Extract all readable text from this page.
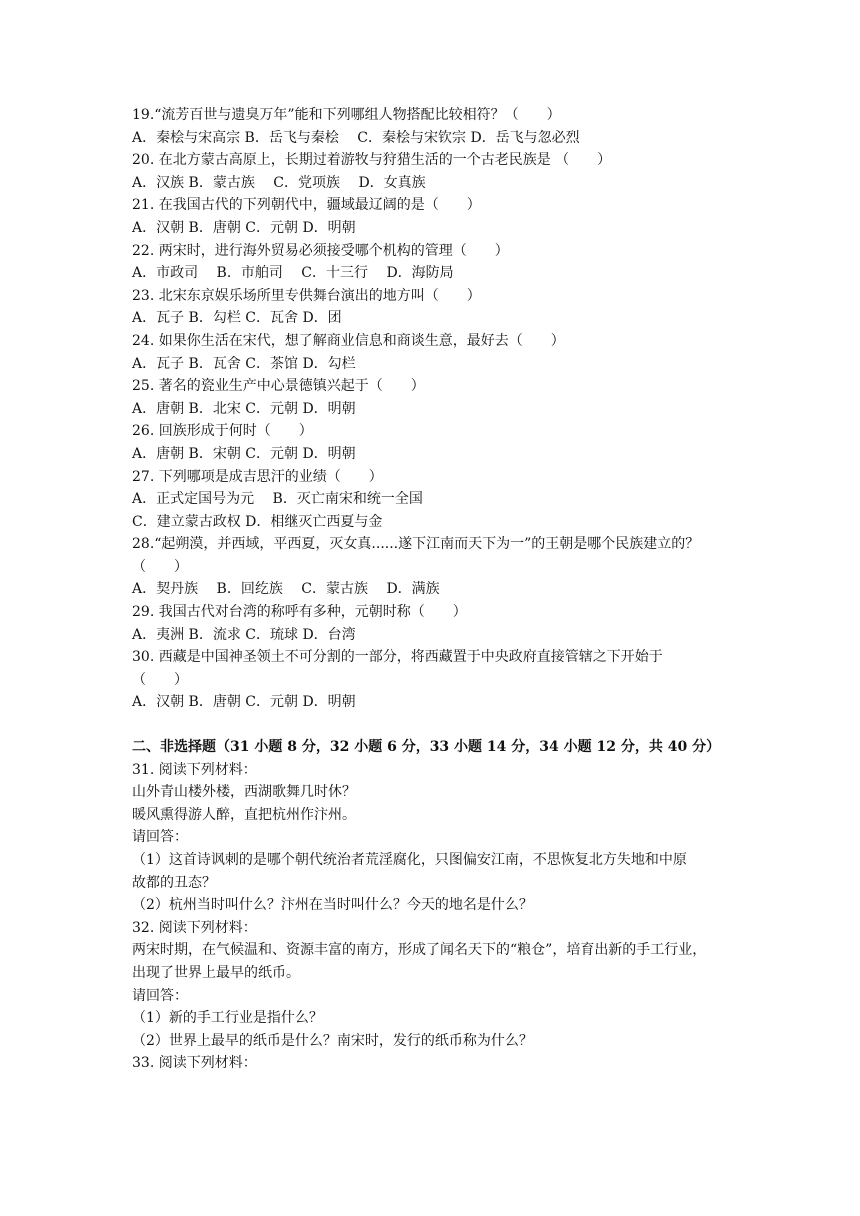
19.“流芳百世与遗臭万年”能和下列哪组人物搭配比较相符？（　　）
A．秦桧与宋高宗 B．岳飞与秦桧　 C．秦桧与宋钦宗 D．岳飞与忽必烈
20. 在北方蒙古高原上，长期过着游牧与狩猎生活的一个古老民族是 （　　）
A．汉族 B．蒙古族　 C．党项族　 D．女真族
21. 在我国古代的下列朝代中，疆域最辽阔的是（　　）
A．汉朝 B．唐朝 C．元朝 D．明朝
22. 两宋时，进行海外贸易必须接受哪个机构的管理（　　）
A．市政司　 B．市舶司　 C．十三行　 D．海防局
23. 北宋东京娱乐场所里专供舞台演出的地方叫（　　）
A．瓦子 B．勾栏 C．瓦舍 D．团
24. 如果你生活在宋代，想了解商业信息和商谈生意，最好去（　　）
A．瓦子 B．瓦舍 C．茶馆 D．勾栏
25. 著名的瓷业生产中心景德镇兴起于（　　）
A．唐朝 B．北宋 C．元朝 D．明朝
26. 回族形成于何时（　　）
A．唐朝 B．宋朝 C．元朝 D．明朝
27. 下列哪项是成吉思汗的业绩（　　）
A．正式定国号为元　 B．灭亡南宋和统一全国
C．建立蒙古政权 D．相继灭亡西夏与金
28.“起朔漠，并西域，平西夏，灭女真......遂下江南而天下为一”的王朝是哪个民族建立的？
（　　）
A．契丹族　 B．回纥族　 C．蒙古族　 D．满族
29. 我国古代对台湾的称呼有多种，元朝时称（　　）
A．夷洲 B．流求 C．琉球 D．台湾
30. 西藏是中国神圣领土不可分割的一部分，将西藏置于中央政府直接管辖之下开始于
（　　）
A．汉朝 B．唐朝 C．元朝 D．明朝
二、非选择题（31 小题 8 分，32 小题 6 分，33 小题 14 分，34 小题 12 分，共 40 分）
31. 阅读下列材料：
山外青山楼外楼，西湖歌舞几时休？
暖风熏得游人醉，直把杭州作汴州。
请回答：
（1）这首诗讽刺的是哪个朝代统治者荒淫腐化，只图偏安江南，不思恢复北方失地和中原
故都的丑态？
（2）杭州当时叫什么？汴州在当时叫什么？今天的地名是什么？
32. 阅读下列材料：
两宋时期，在气候温和、资源丰富的南方，形成了闻名天下的“粮仓”，培育出新的手工行业，
出现了世界上最早的纸币。
请回答：
（1）新的手工行业是指什么？
（2）世界上最早的纸币是什么？南宋时，发行的纸币称为什么？
33. 阅读下列材料：
